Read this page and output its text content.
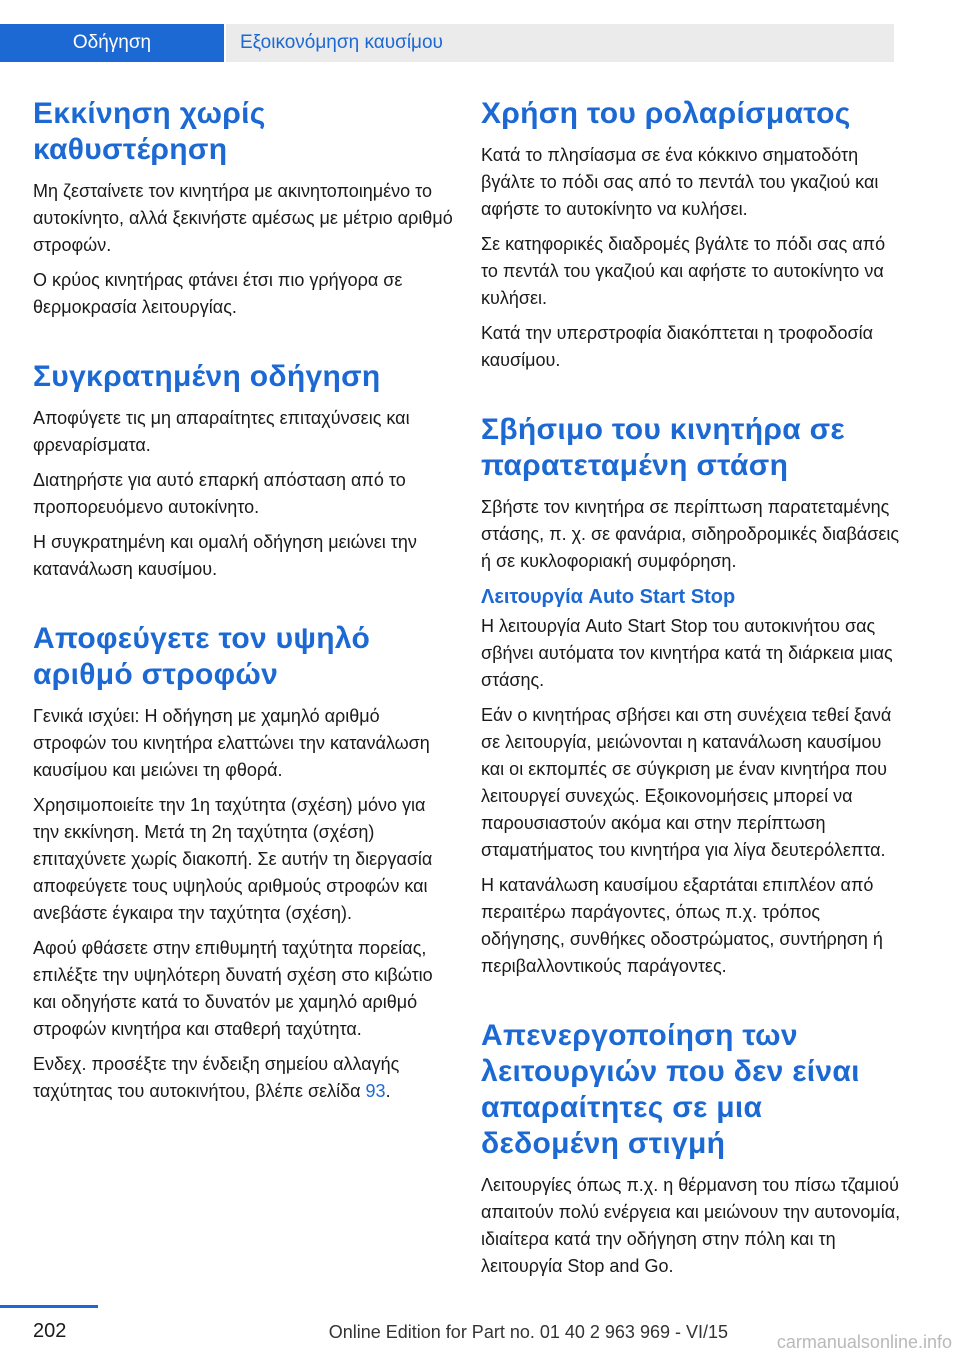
Οδήγηση	Εξοικονόμηση καυσίμου
Εκκίνηση χωρίς καθυστέρηση

Μη ζεσταίνετε τον κινητήρα με ακινητοποιημένο το αυτοκίνητο, αλλά ξεκινήστε αμέσως με μέτριο αριθμό στροφών.

Ο κρύος κινητήρας φτάνει έτσι πιο γρήγορα σε θερμοκρασία λειτουργίας.

Συγκρατημένη οδήγηση

Αποφύγετε τις μη απαραίτητες επιταχύνσεις και φρεναρίσματα.

Διατηρήστε για αυτό επαρκή απόσταση από το προπορευόμενο αυτοκίνητο.

Η συγκρατημένη και ομαλή οδήγηση μειώνει την κατανάλωση καυσίμου.

Αποφεύγετε τον υψηλό αριθμό στροφών

Γενικά ισχύει: Η οδήγηση με χαμηλό αριθμό στροφών του κινητήρα ελαττώνει την κατανάλωση καυσίμου και μειώνει τη φθορά.

Χρησιμοποιείτε την 1η ταχύτητα (σχέση) μόνο για την εκκίνηση. Μετά τη 2η ταχύτητα (σχέση) επιταχύνετε χωρίς διακοπή. Σε αυτήν τη διεργασία αποφεύγετε τους υψηλούς αριθμούς στροφών και ανεβάστε έγκαιρα την ταχύτητα (σχέση).

Αφού φθάσετε στην επιθυμητή ταχύτητα πορείας, επιλέξτε την υψηλότερη δυνατή σχέση στο κιβώτιο και οδηγήστε κατά το δυνατόν με χαμηλό αριθμό στροφών κινητήρα και σταθερή ταχύτητα.

Ενδεχ. προσέξτε την ένδειξη σημείου αλλαγής ταχύτητας του αυτοκινήτου, βλέπε σελίδα 93.

Χρήση του ρολαρίσματος

Κατά το πλησίασμα σε ένα κόκκινο σηματοδότη βγάλτε το πόδι σας από το πεντάλ του γκαζιού και αφήστε το αυτοκίνητο να κυλήσει.

Σε κατηφορικές διαδρομές βγάλτε το πόδι σας από το πεντάλ του γκαζιού και αφήστε το αυτοκίνητο να κυλήσει.

Κατά την υπερστροφία διακόπτεται η τροφοδοσία καυσίμου.

Σβήσιμο του κινητήρα σε παρατεταμένη στάση

Σβήστε τον κινητήρα σε περίπτωση παρατεταμένης στάσης, π. χ. σε φανάρια, σιδηροδρομικές διαβάσεις ή σε κυκλοφοριακή συμφόρηση.

Λειτουργία Auto Start Stop

Η λειτουργία Auto Start Stop του αυτοκινήτου σας σβήνει αυτόματα τον κινητήρα κατά τη διάρκεια μιας στάσης.

Εάν ο κινητήρας σβήσει και στη συνέχεια τεθεί ξανά σε λειτουργία, μειώνονται η κατανάλωση καυσίμου και οι εκπομπές σε σύγκριση με έναν κινητήρα που λειτουργεί συνεχώς. Εξοικονομήσεις μπορεί να παρουσιαστούν ακόμα και στην περίπτωση σταματήματος του κινητήρα για λίγα δευτερόλεπτα.

Η κατανάλωση καυσίμου εξαρτάται επιπλέον από περαιτέρω παράγοντες, όπως π.χ. τρόπος οδήγησης, συνθήκες οδοστρώματος, συντήρηση ή περιβαλλοντικούς παράγοντες.

Απενεργοποίηση των λειτουργιών που δεν είναι απαραίτητες σε μια δεδομένη στιγμή

Λειτουργίες όπως π.χ. η θέρμανση του πίσω τζαμιού απαιτούν πολύ ενέργεια και μειώνουν την αυτονομία, ιδιαίτερα κατά την οδήγηση στην πόλη και τη λειτουργία Stop and Go.

202	Online Edition for Part no. 01 40 2 963 969 - VI/15	carmanualsonline.info
